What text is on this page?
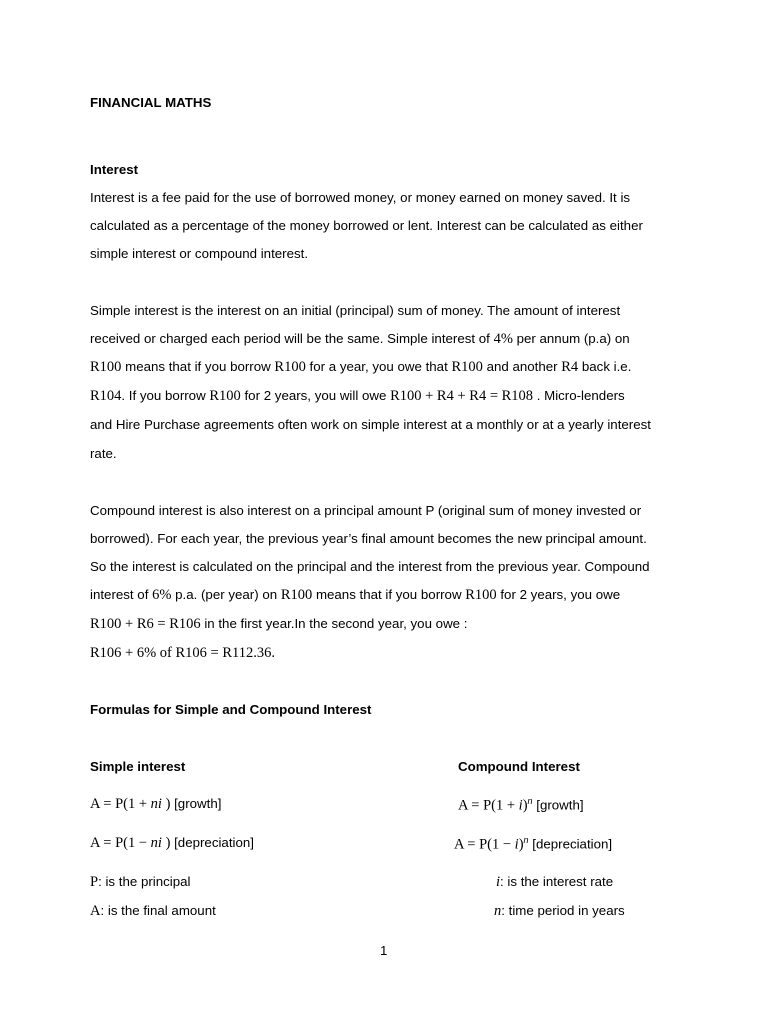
FINANCIAL MATHS
Interest
Interest is a fee paid for the use of borrowed money, or money earned on money saved. It is
calculated as a percentage of the money borrowed or lent. Interest can be calculated as either
simple interest or compound interest.
Simple interest is the interest on an initial (principal) sum of money. The amount of interest
received or charged each period will be the same. Simple interest of 4% per annum (p.a) on
R100 means that if you borrow R100 for a year, you owe that R100 and another R4 back i.e.
R104. If you borrow R100 for 2 years, you will owe R100 + R4 + R4 = R108 . Micro-lenders
and Hire Purchase agreements often work on simple interest at a monthly or at a yearly interest
rate.
Compound interest is also interest on a principal amount P (original sum of money invested or
borrowed). For each year, the previous year’s final amount becomes the new principal amount.
So the interest is calculated on the principal and the interest from the previous year. Compound
interest of 6% p.a. (per year) on R100 means that if you borrow R100 for 2 years, you owe
R100 + R6 = R106 in the first year.In the second year, you owe :
R106 + 6% of R106 = R112.36.
Formulas for Simple and Compound Interest
Simple interest	Compound Interest
A = P(1 + ni ) [growth]	$A = P(1 + i)^n$ [growth]
A = P(1 − ni ) [depreciation]	$A = P(1 - i)^n$ [depreciation]
P: is the principal	i: is the interest rate
A: is the final amount	n: time period in years
1
